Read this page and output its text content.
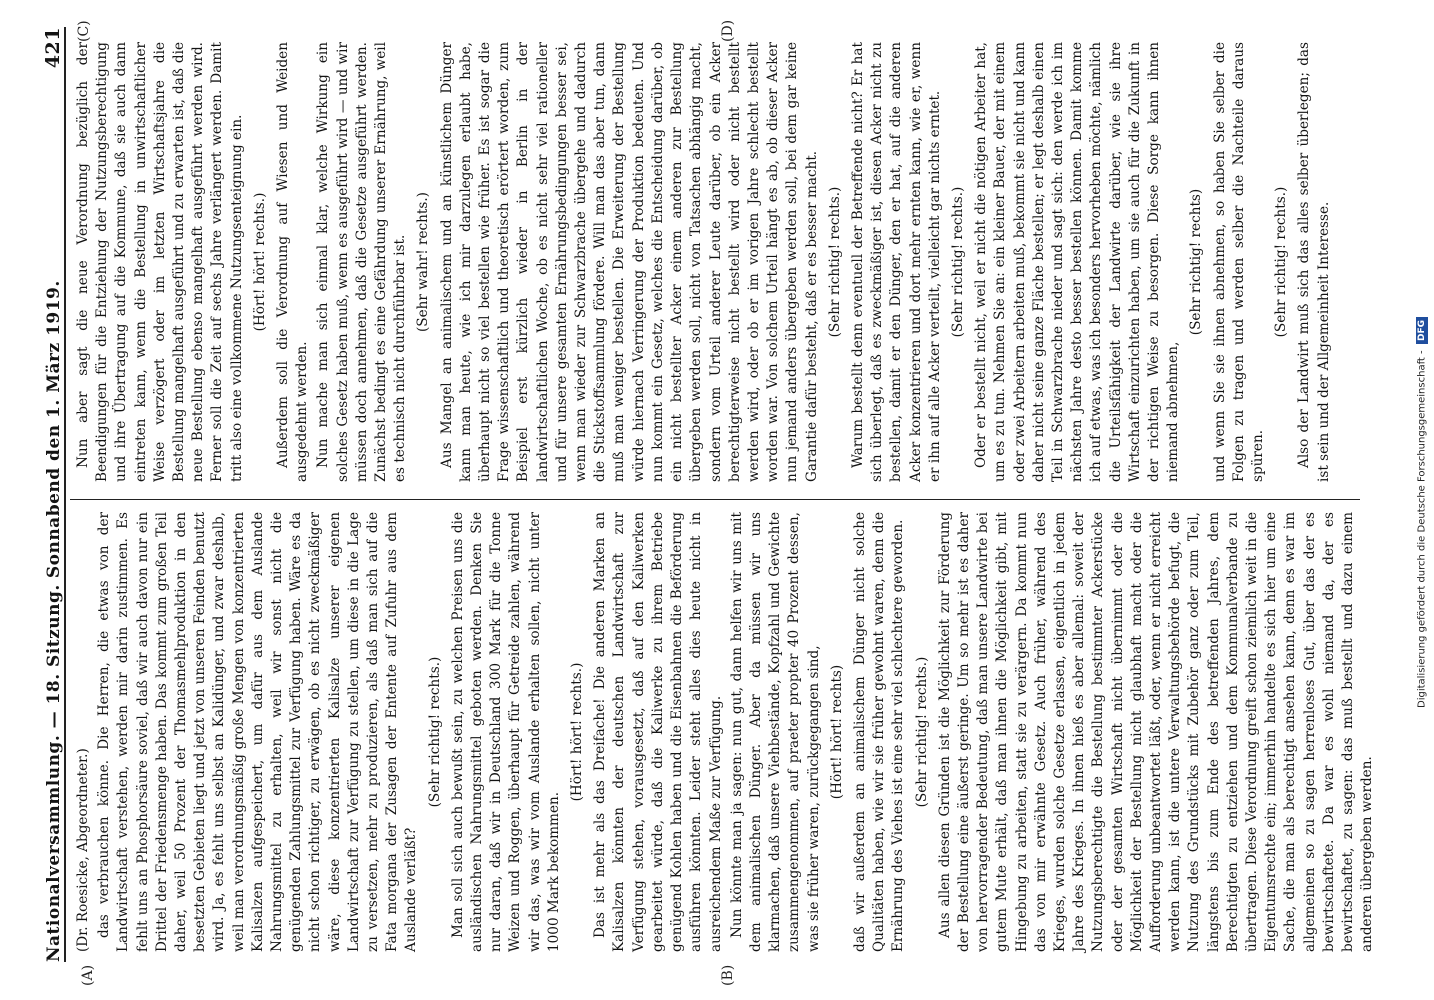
Nationalversammlung. — 18. Sitzung.
Sonnabend den 1. März 1919.
421
(A)	(B)
(C)	(D)

(Dr. Roesicke, Abgeordneter.) das verbrauchen könne. Die Herren, die etwas von der Landwirtschaft verstehen, werden mir darin zustimmen. Es fehlt uns an Phosphorsäure soviel, daß wir auch davon nur ein Drittel der Friedensmenge haben. Das kommt zum großen Teil daher, weil 50 Prozent der Thomasmehlproduktion in den besetzten Gebieten liegt und jetzt von unseren Feinden benutzt wird. Ja, es fehlt uns selbst an Kalidünger, und zwar deshalb, weil man verordnungsmäßig große Mengen von konzentrierten Kalisalzen aufgespeichert, um dafür aus dem Auslande Nahrungsmittel zu erhalten, weil wir sonst nicht die genügenden Zahlungsmittel zur Verfügung haben. Wäre es da nicht schon richtiger, zu erwägen, ob es nicht zweckmäßiger wäre, diese konzentrierten Kalisalze unserer eigenen Landwirtschaft zur Verfügung zu stellen, um diese in die Lage zu versetzen, mehr zu produzieren, als daß man sich auf die Fata morgana der Zusagen der Entente auf Zufuhr aus dem Auslande verläßt?

(Sehr richtig! rechts.) Man soll sich auch bewußt sein, zu welchen Preisen uns die ausländischen Nahrungsmittel geboten werden. Denken Sie nur daran, daß wir in Deutschland 300 Mark für die Tonne Weizen und Roggen, überhaupt für Getreide zahlen, während wir das, was wir vom Auslande erhalten sollen, nicht unter 1000 Mark bekommen.

(Hört! hört! rechts.) Das ist mehr als das Dreifache! Die anderen Marken an Kalisalzen könnten der deutschen Landwirtschaft zur Verfügung stehen, vorausgesetzt, daß auf den Kaliwerken gearbeitet würde, daß die Kaliwerke zu ihrem Betriebe genügend Kohlen haben und die Eisenbahnen die Beförderung ausführen könnten. Leider steht alles dies heute nicht in ausreichendem Maße zur Verfügung. Nun könnte man ja sagen: nun gut, dann helfen wir uns mit dem animalischen Dünger. Aber da müssen wir uns klarmachen, daß unsere Viehbestände, Kopfzahl und Gewichte zusammengenommen, auf praeter propter 40 Prozent dessen, was sie früher waren, zurückgegangen sind, (Hört! hört! rechts) daß wir außerdem an animalischem Dünger nicht solche Qualitäten haben, wie wir sie früher gewohnt waren, denn die Ernährung des Viehes ist eine sehr viel schlechtere geworden. (Sehr richtig! rechts.) Aus allen diesen Gründen ist die Möglichkeit zur Förderung der Bestellung eine äußerst geringe. Um so mehr ist es daher von hervorragender Bedeutung, daß man unsere Landwirte bei gutem Mute erhält, daß man ihnen die Möglichkeit gibt, mit Hingebung zu arbeiten, statt sie zu verärgern. Da kommt nun das von mir erwähnte Gesetz. Auch früher, während des Krieges, wurden solche Gesetze erlassen, eigentlich in jedem Jahre des Krieges. In ihnen hieß es aber allemal: soweit der Nutzungsberechtigte die Bestellung bestimmter Ackerstücke oder der gesamten Wirtschaft nicht übernimmt oder die Möglichkeit der Bestellung nicht glaubhaft macht oder die Aufforderung unbeantwortet läßt, oder, wenn er nicht erreicht werden kann, ist die untere Verwaltungsbehörde befugt, die Nutzung des Grundstücks mit Zubehör ganz oder zum Teil, längstens bis zum Ende des betreffenden Jahres, dem Berechtigten zu entziehen und dem Kommunalverbande zu übertragen. Diese Verordnung greift schon ziemlich weit in die Eigentumsrechte ein; immerhin handelte es sich hier um eine Sache, die man als berechtigt ansehen kann, denn es war im allgemeinen so zu sagen herrenloses Gut, über das der es bewirtschaftete. Da war es wohl niemand da, der es bewirtschaftet, zu sagen: das muß bestellt und dazu einem anderen übergeben werden.

Nun aber sagt die neue Verordnung bezüglich der Beendigungen für die Entziehung der Nutzungsberechtigung und ihre Übertragung auf die Kommune, daß sie auch dann eintreten kann, wenn die Bestellung in unwirtschaftlicher Weise verzögert oder im letzten Wirtschaftsjahre die Bestellung mangelhaft ausgeführt und zu erwarten ist, daß die neue Bestellung ebenso mangelhaft ausgeführt werden wird. Ferner soll die Zeit auf sechs Jahre verlängert werden. Damit tritt also eine vollkommene Nutzungsenteignung ein. (Hört! hört! rechts.) Außerdem soll die Verordnung auf Wiesen und Weiden ausgedehnt werden. Nun mache man sich einmal klar, welche Wirkung ein solches Gesetz haben muß, wenn es ausgeführt wird — und wir müssen doch annehmen, daß die Gesetze ausgeführt werden. Zunächst bedingt es eine Gefährdung unserer Ernährung, weil es technisch nicht durchführbar ist. (Sehr wahr! rechts.) Aus Mangel an animalischem und an künstlichem Dünger kann man heute, wie ich mir darzulegen erlaubt habe, überhaupt nicht so viel bestellen wie früher. Es ist sogar die Frage wissenschaftlich und theoretisch erörtert worden, zum Beispiel erst kürzlich wieder in Berlin in der landwirtschaftlichen Woche, ob es nicht sehr viel rationeller und für unsere gesamten Ernährungsbedingungen besser sei, wenn man wieder zur Schwarzbrache übergehe und dadurch die Stickstoffsammlung fördere. Will man das aber tun, dann muß man weniger bestellen. Die Erweiterung der Bestellung würde hiernach Verringerung der Produktion bedeuten. Und nun kommt ein Gesetz, welches die Entscheidung darüber, ob ein nicht bestellter Acker einem anderen zur Bestellung übergeben werden soll, nicht von Tatsachen abhängig macht, sondern vom Urteil anderer Leute darüber, ob ein Acker berechtigterweise nicht bestellt wird oder nicht bestellt werden wird, oder ob er im vorigen Jahre schlecht bestellt worden war. Von solchem Urteil hängt es ab, ob dieser Acker nun jemand anders übergeben werden soll, bei dem gar keine Garantie dafür besteht, daß er es besser macht. (Sehr richtig! rechts.) Warum bestellt denn eventuell der Betreffende nicht? Er hat sich überlegt, daß es zweckmäßiger ist, diesen Acker nicht zu bestellen, damit er den Dünger, den er hat, auf die anderen Acker konzentrieren und dort mehr ernten kann, wie er, wenn er ihn auf alle Acker verteilt, vielleicht gar nichts erntet. (Sehr richtig! rechts.) Oder er bestellt nicht, weil er nicht die nötigen Arbeiter hat, um es zu tun. Nehmen Sie an: ein kleiner Bauer, der mit einem oder zwei Arbeitern arbeiten muß, bekommt sie nicht und kann daher nicht seine ganze Fläche bestellen; er legt deshalb einen Teil in Schwarzbrache nieder und sagt sich: den werde ich im nächsten Jahre desto besser bestellen können. Damit komme ich auf etwas, was ich besonders hervorheben möchte, nämlich die Urteilsfähigkeit der Landwirte darüber, wie sie ihre Wirtschaft einzurichten haben, um sie auch für die Zukunft in der richtigen Weise zu besorgen. Diese Sorge kann ihnen niemand abnehmen,

(Sehr richtig! rechts) und wenn Sie sie ihnen abnehmen, so haben Sie selber die Folgen zu tragen und werden selber die Nachteile daraus spüren.

(Sehr richtig! rechts.) Also der Landwirt muß sich das alles selber überlegen; das ist sein und der Allgemeinheit Interesse.

Digitalisierung gefördert durch die Deutsche Forschungsgemeinschaft -
DFG
